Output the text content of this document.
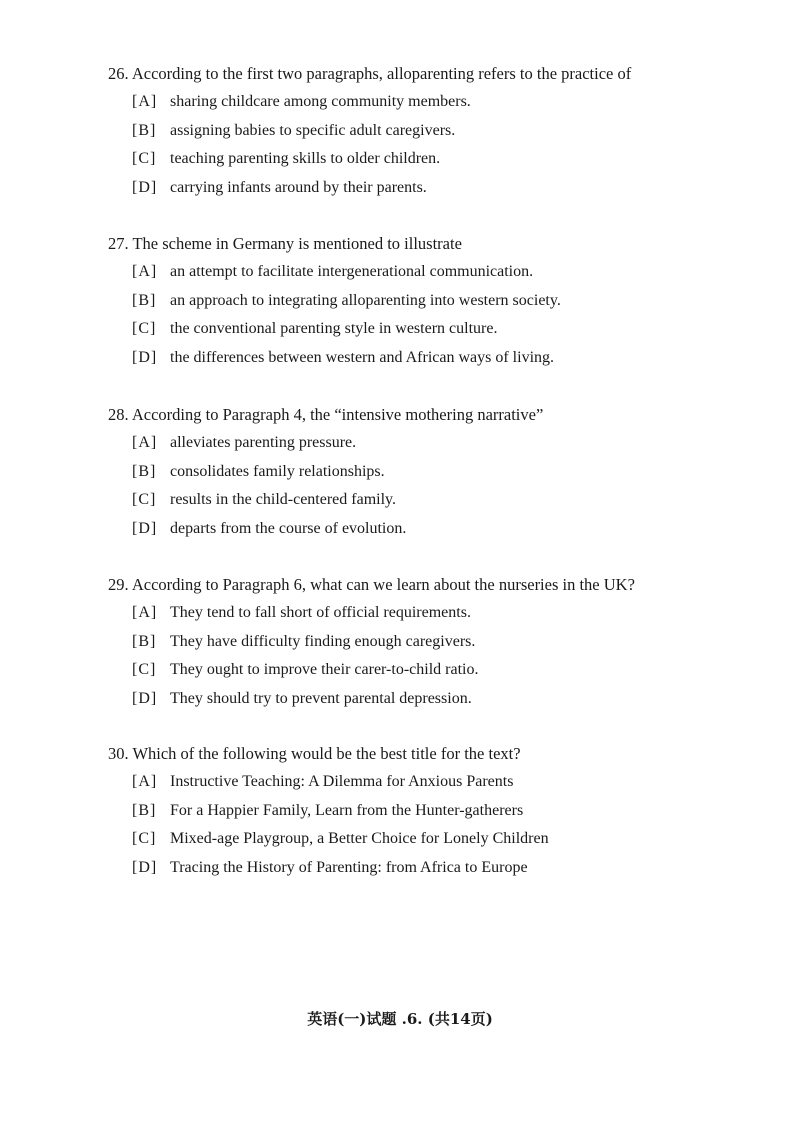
26. According to the first two paragraphs, alloparenting refers to the practice of
[A] sharing childcare among community members.
[B] assigning babies to specific adult caregivers.
[C] teaching parenting skills to older children.
[D] carrying infants around by their parents.
27. The scheme in Germany is mentioned to illustrate
[A] an attempt to facilitate intergenerational communication.
[B] an approach to integrating alloparenting into western society.
[C] the conventional parenting style in western culture.
[D] the differences between western and African ways of living.
28. According to Paragraph 4, the “intensive mothering narrative”
[A] alleviates parenting pressure.
[B] consolidates family relationships.
[C] results in the child-centered family.
[D] departs from the course of evolution.
29. According to Paragraph 6, what can we learn about the nurseries in the UK?
[A] They tend to fall short of official requirements.
[B] They have difficulty finding enough caregivers.
[C] They ought to improve their carer-to-child ratio.
[D] They should try to prevent parental depression.
30. Which of the following would be the best title for the text?
[A] Instructive Teaching: A Dilemma for Anxious Parents
[B] For a Happier Family, Learn from the Hunter-gatherers
[C] Mixed-age Playgroup, a Better Choice for Lonely Children
[D] Tracing the History of Parenting: from Africa to Europe
英语(一)试题 .6. (共14页)
